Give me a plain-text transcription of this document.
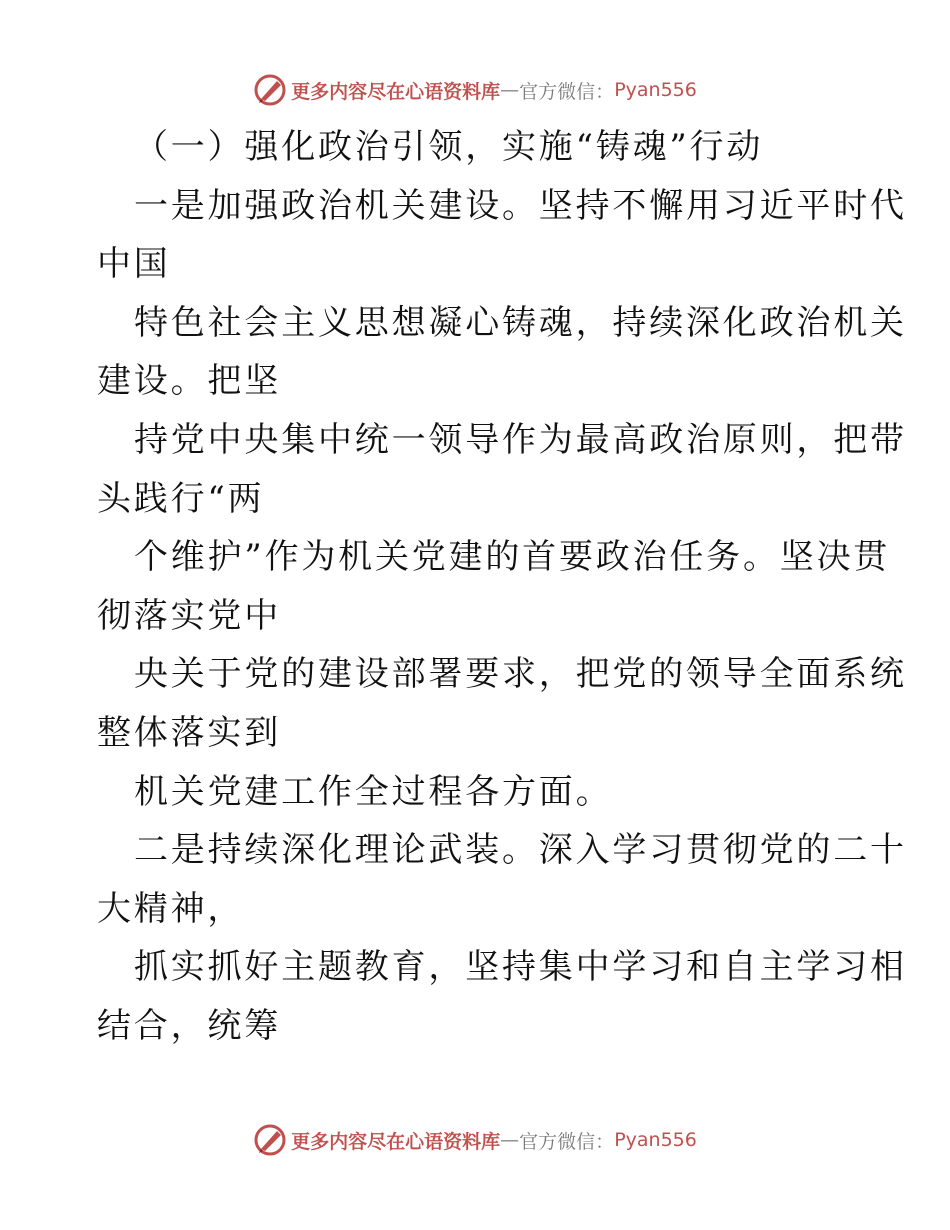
更多内容尽在心语资料库 — 官方微信： Pyan556
（一）强化政治引领，实施“铸魂”行动
一是加强政治机关建设。坚持不懈用习近平时代
中国
特色社会主义思想凝心铸魂，持续深化政治机关
建设。把坚
持党中央集中统一领导作为最高政治原则，把带
头践行“两
个维护”作为机关党建的首要政治任务。坚决贯
彻落实党中
央关于党的建设部署要求，把党的领导全面系统
整体落实到
机关党建工作全过程各方面。
二是持续深化理论武装。深入学习贯彻党的二十
大精神，
抓实抓好主题教育，坚持集中学习和自主学习相
结合，统筹
更多内容尽在心语资料库 — 官方微信： Pyan556
